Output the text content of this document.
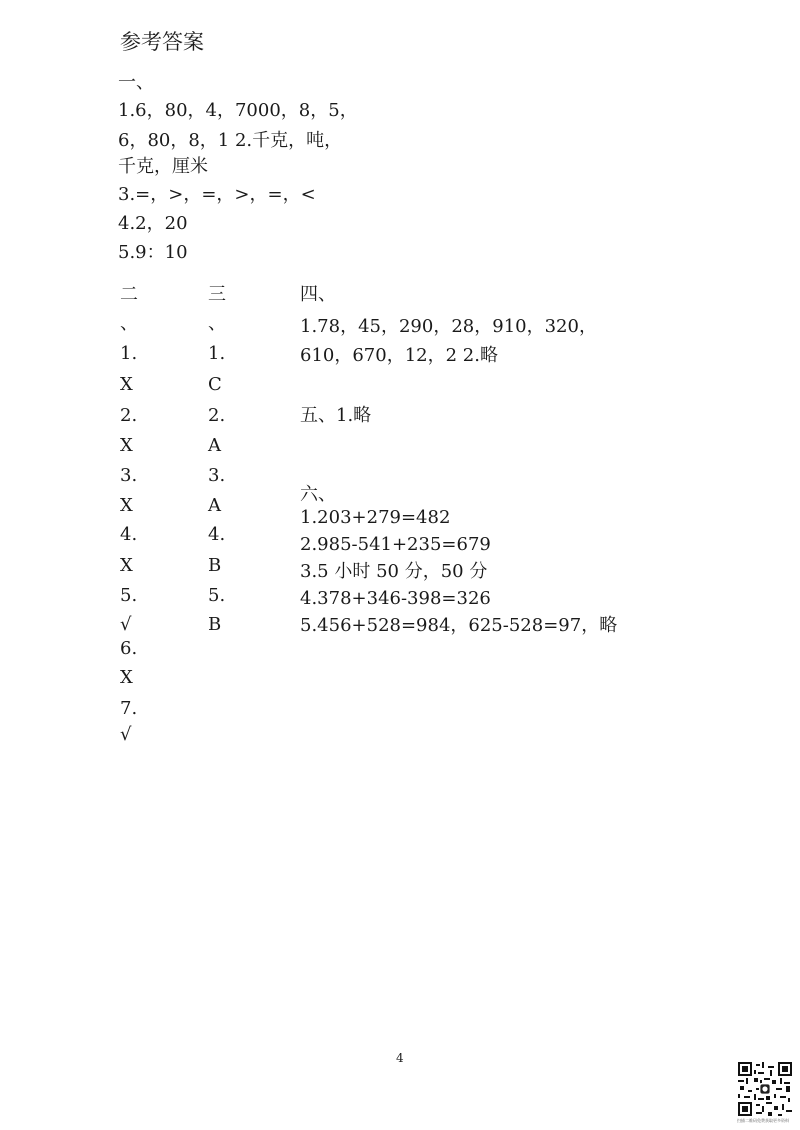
参考答案
一、
1.6，80，4，7000，8，5，
6，80，8，1 2.千克，吨，
千克，厘米
3.=，>，=，>，=，<
4.2，20
5.9：10
二
、
1.
X
2.
X
3.
X
4.
X
5.
√
6.
X
7.
√
三
、
1.
C
2.
A
3.
A
4.
B
5.
B
四、
1.78，45，290，28，910，320，
610，670，12，2 2.略
五、1.略
六、
1.203+279=482
2.985-541+235=679
3.5 小时 50 分，50 分
4.378+346-398=326
5.456+528=984，625-528=97，略
4
扫描二维码免费获取更多资料
